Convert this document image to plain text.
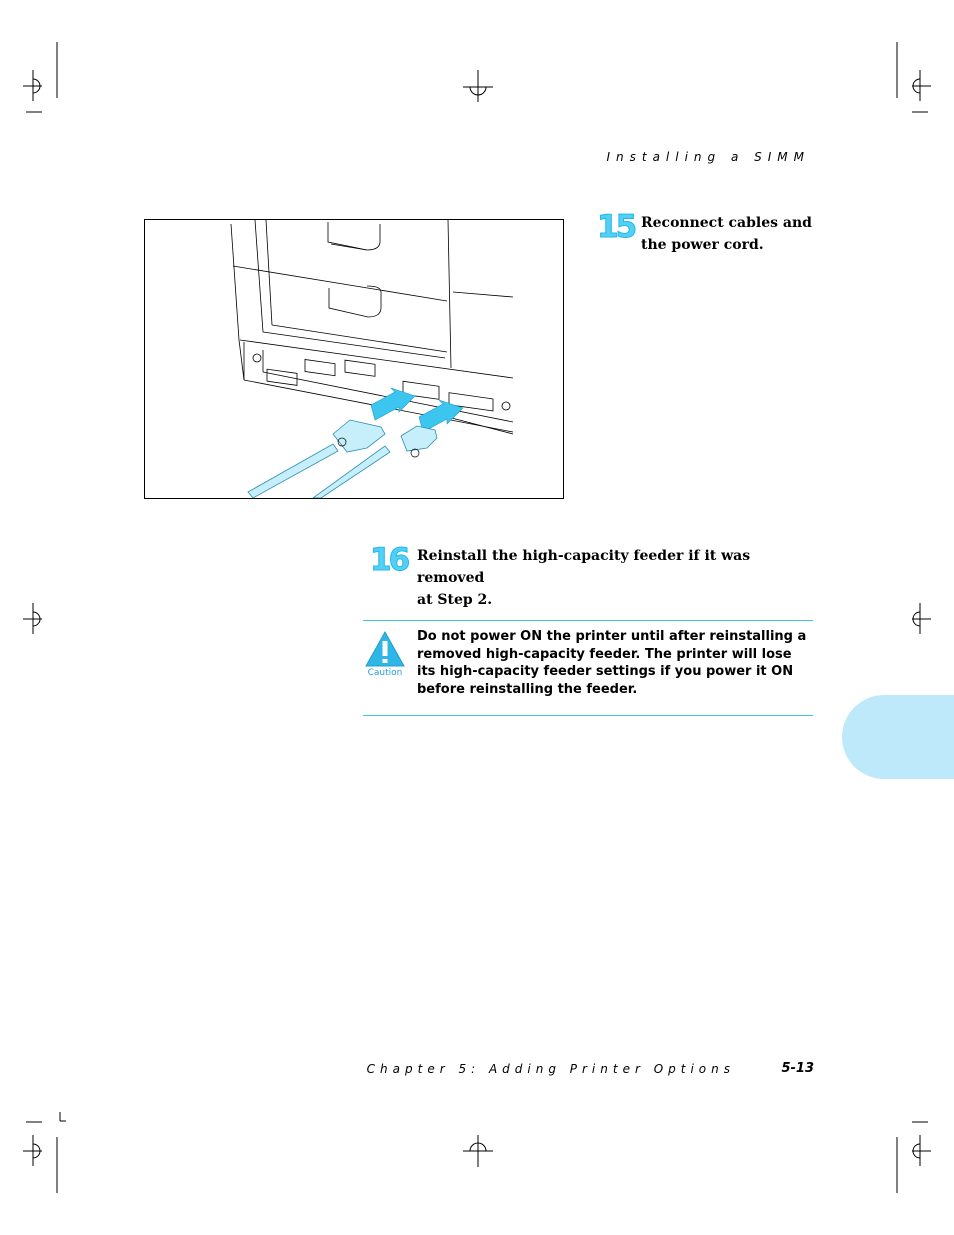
Installing a SIMM
15 Reconnect cables and
the power cord.
16 Reinstall the high-capacity feeder if it was removed
at Step 2.
Caution
Do not power ON the printer until after reinstalling a removed high-capacity feeder. The printer will lose its high-capacity feeder settings if you power it ON before reinstalling the feeder.
Chapter 5: Adding Printer Options	5-13
